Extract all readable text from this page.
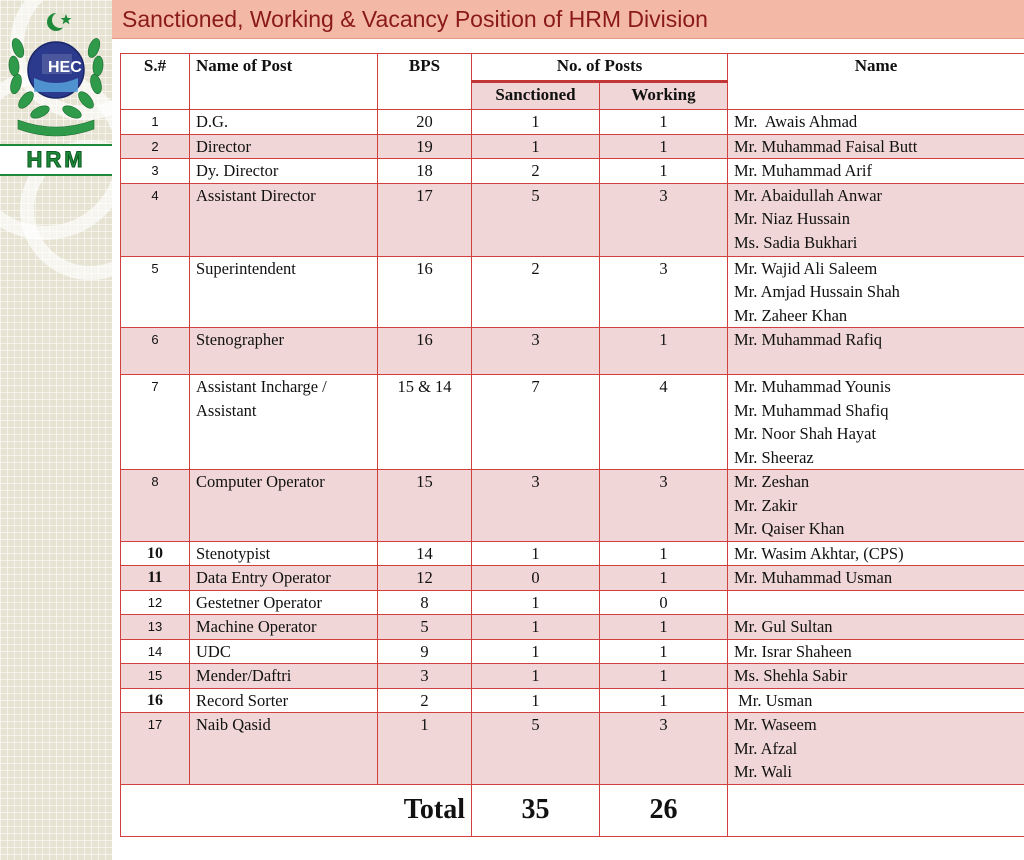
HEC
HRM
Sanctioned, Working & Vacancy Position of HRM Division
S.#	Name of Post	BPS	No. of Posts		Name
			Sanctioned	Working	
1	D.G.	20	1	1	Mr.  Awais Ahmad

2	Director	19	1	1	Mr. Muhammad Faisal Butt

3	Dy. Director	18	2	1	Mr. Muhammad Arif

4	Assistant Director	17	5	3	Mr. Abaidullah Anwar
Mr. Niaz Hussain
Ms. Sadia Bukhari

5	Superintendent	16	2	3	Mr. Wajid Ali Saleem
Mr. Amjad Hussain Shah
Mr. Zaheer Khan

6	Stenographer	16	3	1	Mr. Muhammad Rafiq

7	Assistant Incharge / Assistant	15 & 14	7	4	Mr. Muhammad Younis
Mr. Muhammad Shafiq
Mr. Noor Shah Hayat
Mr. Sheeraz

8	Computer Operator	15	3	3	Mr. Zeshan
Mr. Zakir
Mr. Qaiser Khan

10	Stenotypist	14	1	1	Mr. Wasim Akhtar, (CPS)

11	Data Entry Operator	12	0	1	Mr. Muhammad Usman

12	Gestetner Operator	8	1	0	

13	Machine Operator	5	1	1	Mr. Gul Sultan

14	UDC	9	1	1	Mr. Israr Shaheen

15	Mender/Daftri	3	1	1	Ms. Shehla Sabir

16	Record Sorter	2	1	1	Mr. Usman

17	Naib Qasid	1	5	3	Mr. Waseem
Mr. Afzal
Mr. Wali

Total			35	26	
